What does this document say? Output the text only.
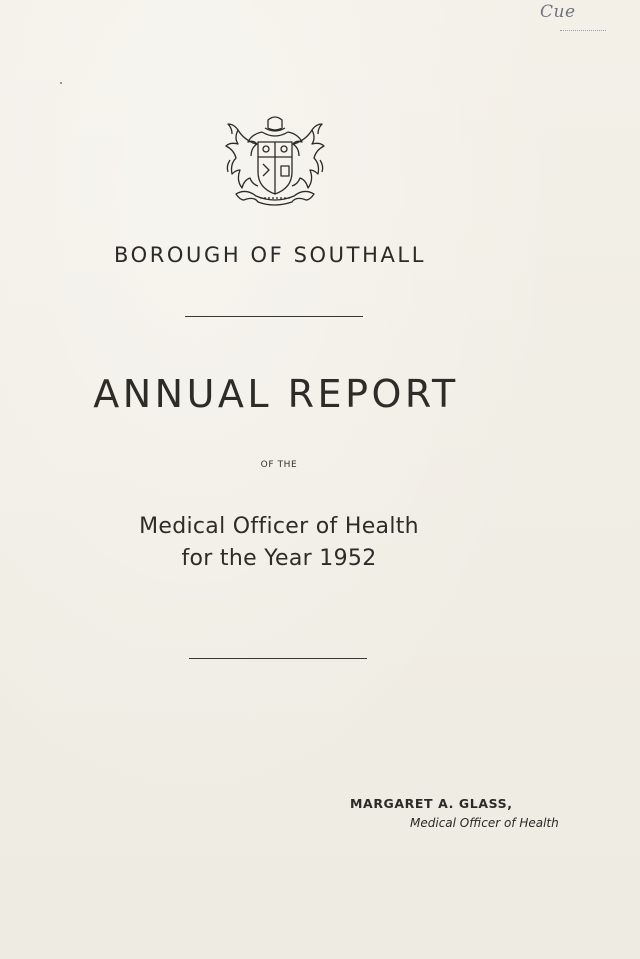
Cue
BOROUGH OF SOUTHALL
ANNUAL REPORT
OF THE
Medical Officer of Health
for the Year 1952
MARGARET A. GLASS,
Medical Officer of Health
